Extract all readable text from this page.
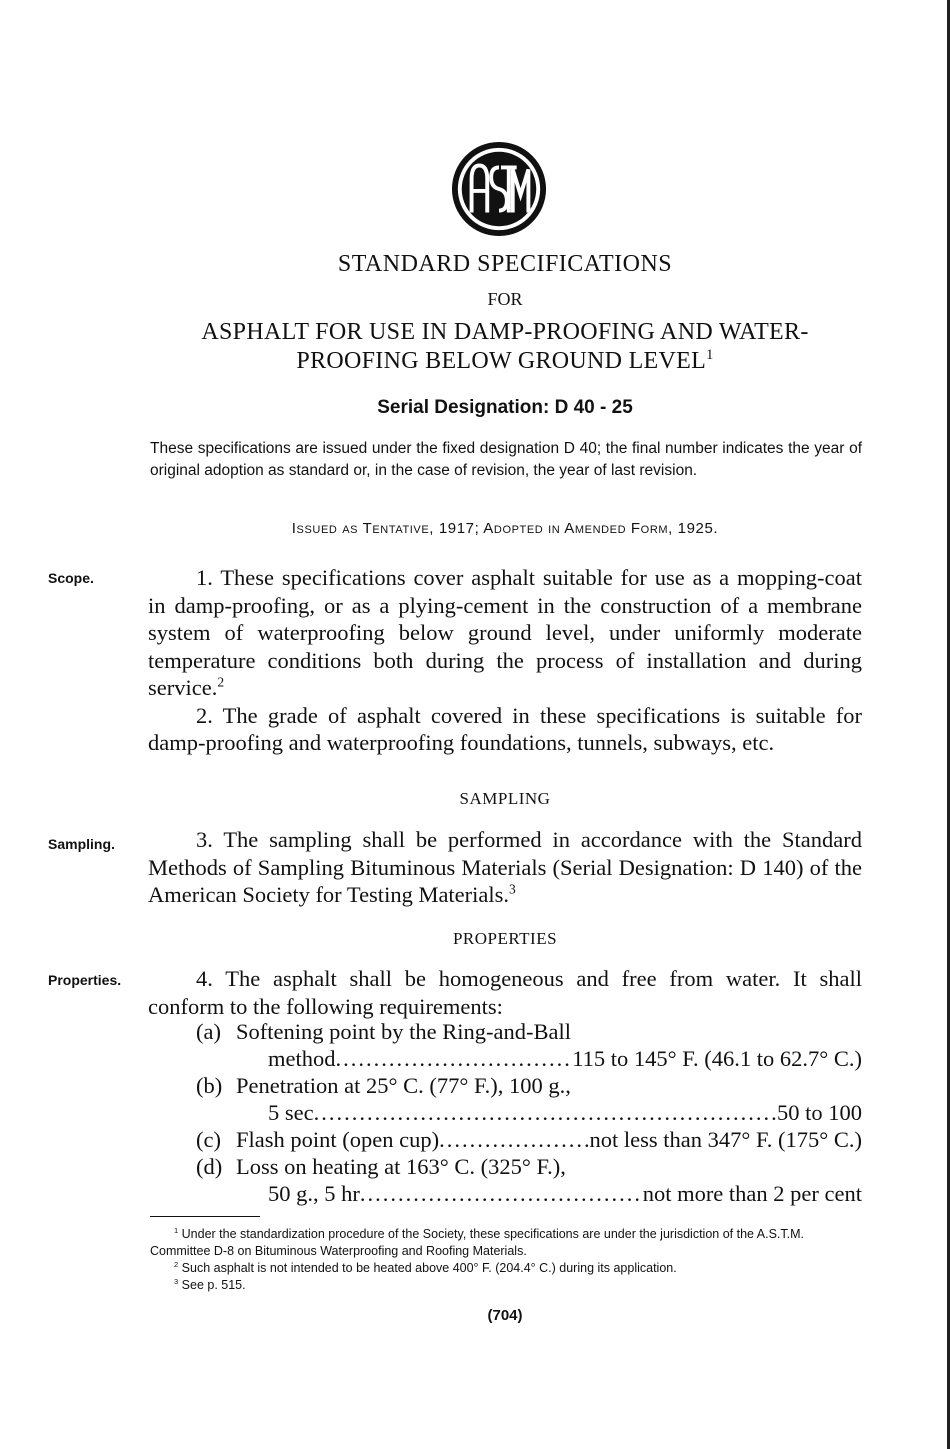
STANDARD SPECIFICATIONS
FOR
ASPHALT FOR USE IN DAMP-PROOFING AND WATER-
PROOFING BELOW GROUND LEVEL$^1$
Serial Designation: D 40 - 25
These specifications are issued under the fixed designation D 40; the final number indicates the year of original adoption as standard or, in the case of revision, the year of last revision.
Issued as Tentative, 1917; Adopted in Amended Form, 1925.
Scope.
Sampling.
Properties.

1. These specifications cover asphalt suitable for use as a mopping-coat in damp-proofing, or as a plying-cement in the construction of a membrane system of waterproofing below ground level, under uniformly moderate temperature conditions both during the process of installation and during service.$^2$

2. The grade of asphalt covered in these specifications is suitable for damp-proofing and waterproofing foundations, tunnels, subways, etc.

SAMPLING

3. The sampling shall be performed in accordance with the Standard Methods of Sampling Bituminous Materials (Serial Designation: D 140) of the American Society for Testing Materials.$^3$

PROPERTIES

4. The asphalt shall be homogeneous and free from water. It shall conform to the following requirements:

(a) Softening point by the Ring-and-Ball
method .....	115 to 145° F. (46.1 to 62.7° C.)
(b) Penetration at 25° C. (77° F.), 100 g.,
5 sec .....	50 to 100
(c) Flash point (open cup) .....	not less than 347° F. (175° C.)
(d) Loss on heating at 163° C. (325° F.),
50 g., 5 hr .....	not more than 2 per cent

$^1$ Under the standardization procedure of the Society, these specifications are under the jurisdiction of the A.S.T.M. Committee D-8 on Bituminous Waterproofing and Roofing Materials.

$^2$ Such asphalt is not intended to be heated above 400° F. (204.4° C.) during its application.

$^3$ See p. 515.

(704)
